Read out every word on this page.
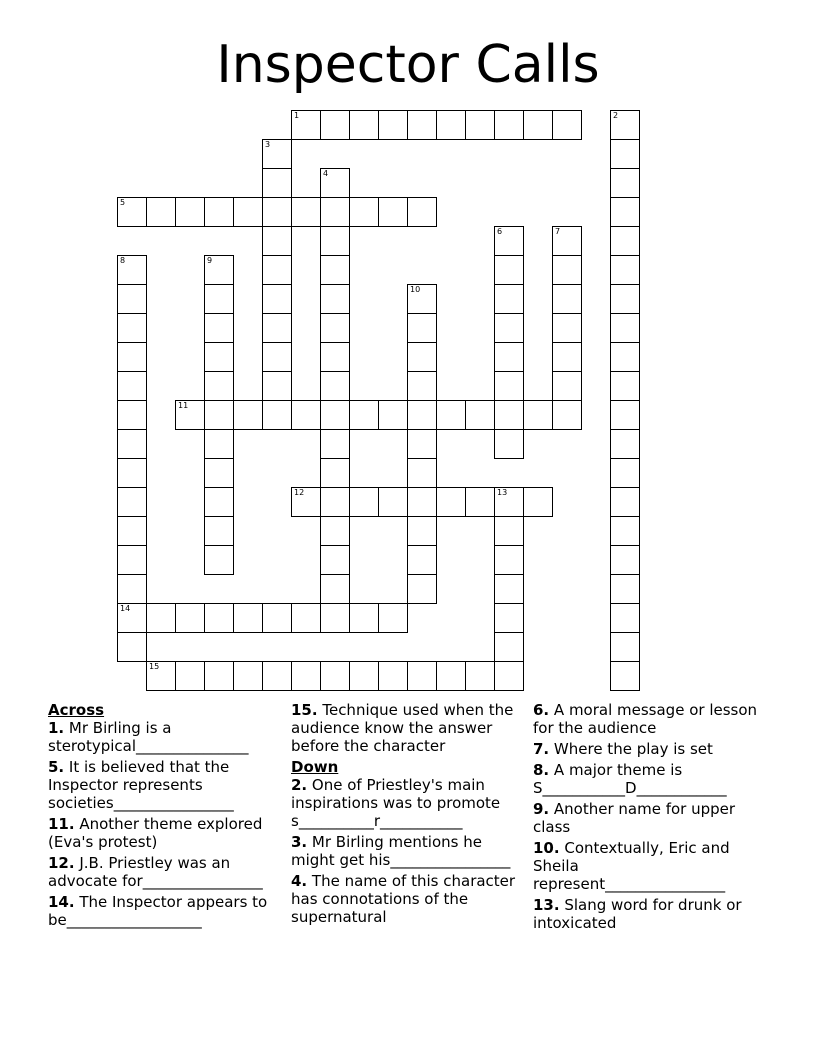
Inspector Calls
1	2
3
4
5
6	7
8
14
9
10
11
12	13
15
Across
1. Mr Birling is a sterotypical_______________
5. It is believed that the Inspector represents societies________________
11. Another theme explored (Eva's protest)
12. J.B. Priestley was an advocate for________________
14. The Inspector appears to be__________________
15. Technique used when the audience know the answer before the character
Down
2. One of Priestley's main inspirations was to promote s__________r___________
3. Mr Birling mentions he might get his________________
4. The name of this character has connotations of the supernatural
6. A moral message or lesson for the audience
7. Where the play is set
8. A major theme is S___________D____________
9. Another name for upper class
10. Contextually, Eric and Sheila represent________________
13. Slang word for drunk or intoxicated
